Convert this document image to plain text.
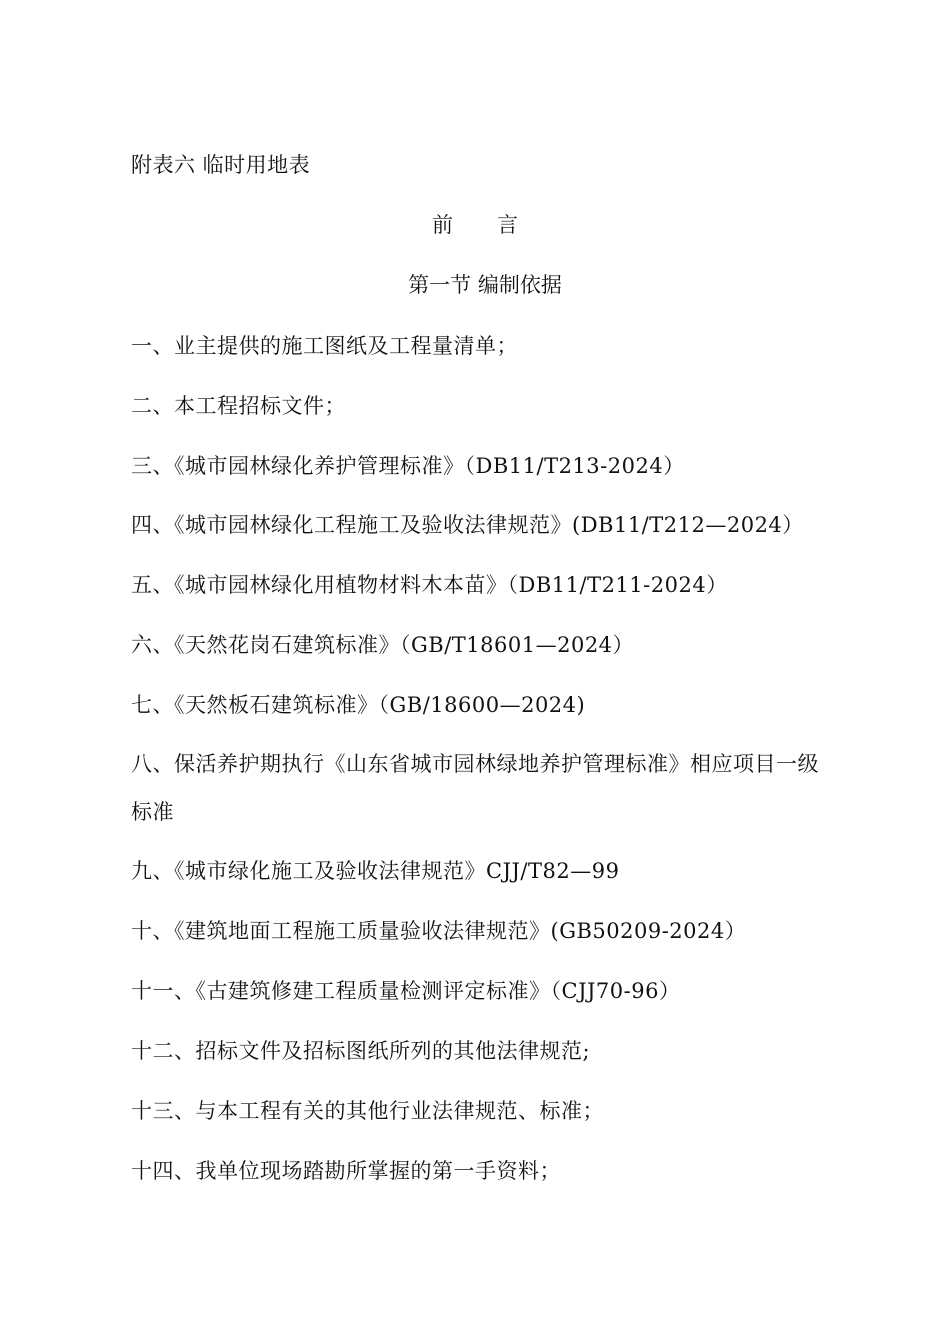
附表六 临时用地表
前 言
第一节 编制依据
一、业主提供的施工图纸及工程量清单；
二、本工程招标文件；
三、《城市园林绿化养护管理标准》（DB11/T213-2024）
四、《城市园林绿化工程施工及验收法律规范》(DB11/T212—2024）
五、《城市园林绿化用植物材料木本苗》（DB11/T211-2024）
六、《天然花岗石建筑标准》（GB/T18601—2024）
七、《天然板石建筑标准》（GB/18600—2024)
八、保活养护期执行《山东省城市园林绿地养护管理标准》相应项目一级标准
九、《城市绿化施工及验收法律规范》CJJ/T82—99
十、《建筑地面工程施工质量验收法律规范》(GB50209-2024）
十一、《古建筑修建工程质量检测评定标准》（CJJ70-96）
十二、招标文件及招标图纸所列的其他法律规范;
十三、与本工程有关的其他行业法律规范、标准；
十四、我单位现场踏勘所掌握的第一手资料；
